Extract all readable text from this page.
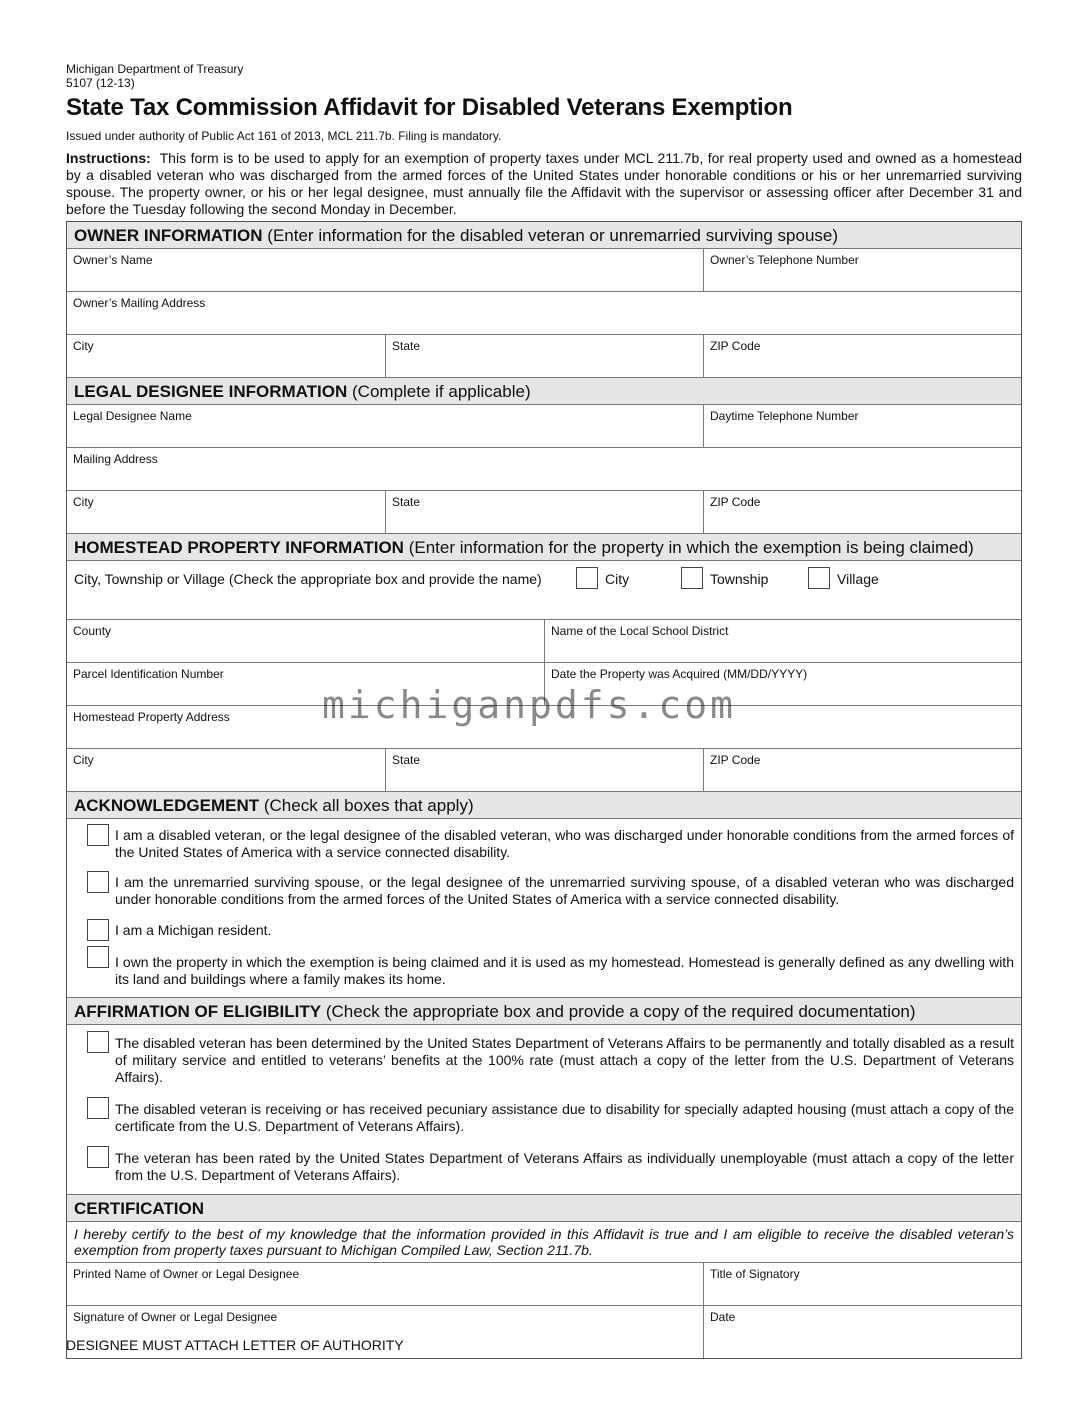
Michigan Department of Treasury
5107 (12-13)
State Tax Commission Affidavit for Disabled Veterans Exemption
Issued under authority of Public Act 161 of 2013, MCL 211.7b. Filing is mandatory.
Instructions: This form is to be used to apply for an exemption of property taxes under MCL 211.7b, for real property used and owned as a homestead by a disabled veteran who was discharged from the armed forces of the United States under honorable conditions or his or her unremarried surviving spouse. The property owner, or his or her legal designee, must annually file the Affidavit with the supervisor or assessing officer after December 31 and before the Tuesday following the second Monday in December.
OWNER INFORMATION (Enter information for the disabled veteran or unremarried surviving spouse)
Owner’s Name	Owner’s Telephone Number
Owner’s Mailing Address
City	State	ZIP Code
LEGAL DESIGNEE INFORMATION (Complete if applicable)
Legal Designee Name	Daytime Telephone Number
Mailing Address
City	State	ZIP Code
HOMESTEAD PROPERTY INFORMATION (Enter information for the property in which the exemption is being claimed)
City, Township or Village (Check the appropriate box and provide the name)	City	Township	Village
County	Name of the Local School District
Parcel Identification Number	Date the Property was Acquired (MM/DD/YYYY)
Homestead Property Address
City	State	ZIP Code
ACKNOWLEDGEMENT (Check all boxes that apply)
I am a disabled veteran, or the legal designee of the disabled veteran, who was discharged under honorable conditions from the armed forces of the United States of America with a service connected disability.
I am the unremarried surviving spouse, or the legal designee of the unremarried surviving spouse, of a disabled veteran who was discharged under honorable conditions from the armed forces of the United States of America with a service connected disability.
I am a Michigan resident.
I own the property in which the exemption is being claimed and it is used as my homestead. Homestead is generally defined as any dwelling with its land and buildings where a family makes its home.
AFFIRMATION OF ELIGIBILITY (Check the appropriate box and provide a copy of the required documentation)
The disabled veteran has been determined by the United States Department of Veterans Affairs to be permanently and totally disabled as a result of military service and entitled to veterans’ benefits at the 100% rate (must attach a copy of the letter from the U.S. Department of Veterans Affairs).
The disabled veteran is receiving or has received pecuniary assistance due to disability for specially adapted housing (must attach a copy of the certificate from the U.S. Department of Veterans Affairs).
The veteran has been rated by the United States Department of Veterans Affairs as individually unemployable (must attach a copy of the letter from the U.S. Department of Veterans Affairs).
CERTIFICATION
I hereby certify to the best of my knowledge that the information provided in this Affidavit is true and I am eligible to receive the disabled veteran’s exemption from property taxes pursuant to Michigan Compiled Law, Section 211.7b.
Printed Name of Owner or Legal Designee	Title of Signatory
Signature of Owner or Legal Designee	Date
michiganpdfs.com
DESIGNEE MUST ATTACH LETTER OF AUTHORITY
